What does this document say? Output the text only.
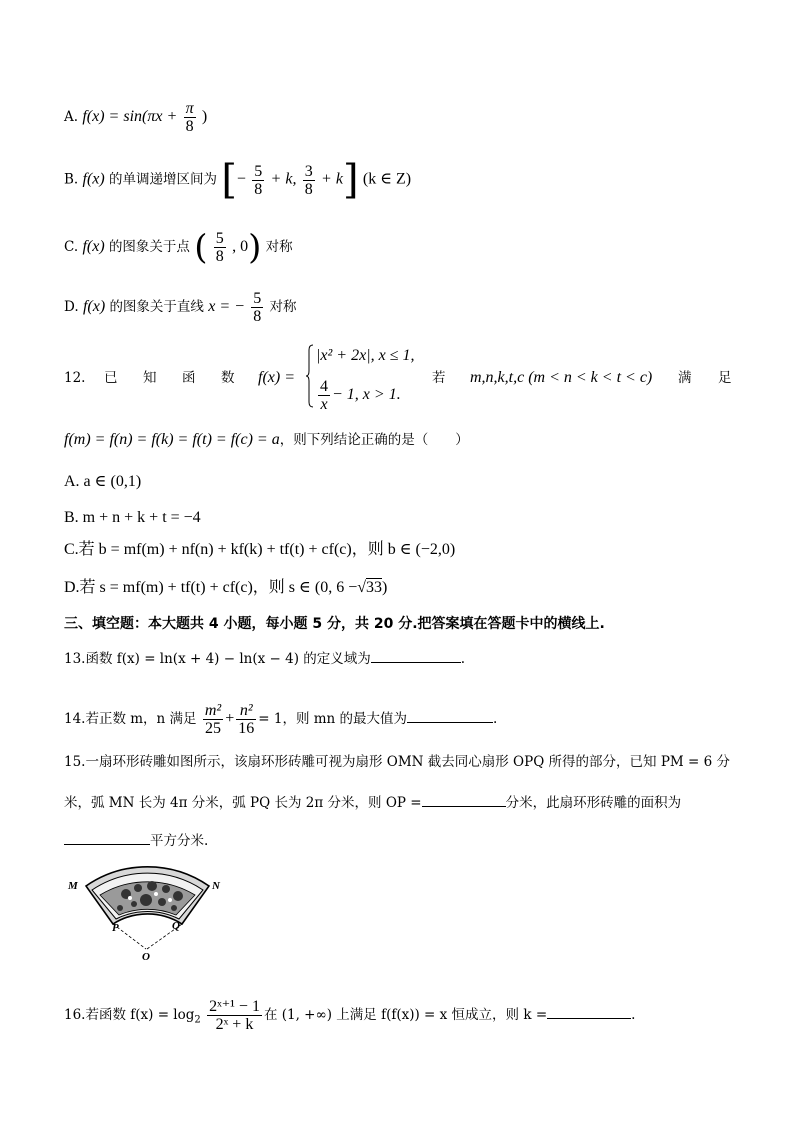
A. $f(x) = \sin(\pi x + \frac{\pi}{8}$ )
B. f(x) 的单调递增区间为 [− $\frac{5}{8} + k$, $\frac{3}{8} + k$] (k ∈ Z)
C. f(x) 的图象关于点 ( $\frac{5}{8}$ , 0) 对称
D. f(x) 的图象关于直线 x = − $\frac{5}{8}$ 对称
12. 已 知 函 数 f(x) =
|x² + 2x|, x ≤ 1,
$\frac{4}{x} - 1$, x > 1.
若 m,n,k,t,c (m < n < k < t < c) 满 足
f(m) = f(n) = f(k) = f(t) = f(c) = a，则下列结论正确的是（　　）
A. a ∈ (0,1)
B. m + n + k + t = −4
C.若 b = mf(m) + nf(n) + kf(k) + tf(t) + cf(c)，则 b ∈ (−2,0)
D.若 s = mf(m) + tf(t) + cf(c)，则 s ∈ (0, 6 −√33)
三、填空题：本大题共 4 小题，每小题 5 分，共 20 分.把答案填在答题卡中的横线上.
13.函数 f(x) = ln(x + 4) − ln(x − 4) 的定义域为	.
14.若正数 m，n 满足 $\frac{\text{m²}}{25} + \frac{\text{n²}}{16} = 1$，则 mn 的最大值为	.
15.一扇环形砖雕如图所示，该扇环形砖雕可视为扇形 OMN 截去同心扇形 OPQ 所得的部分，已知 PM = 6 分
米，弧 MN 长为 4π 分米，弧 PQ 长为 2π 分米，则 OP =	分米，此扇环形砖雕的面积为
平方分米.
M	N
P	Q
O
16.若函数 $f(x) = \log_2 \frac{\text{2ˣ⁺¹ − 1}}{\text{2ˣ + k}}$ 在 (1, +∞) 上满足 f(f(x)) = x 恒成立，则 k =	.
